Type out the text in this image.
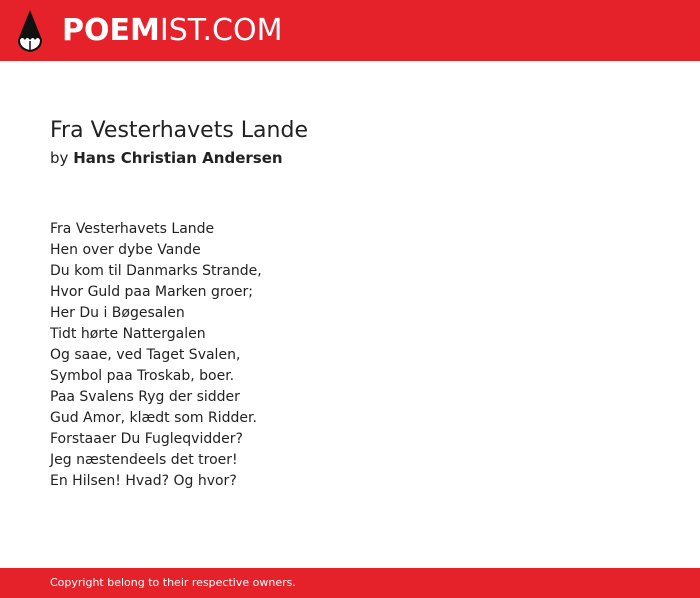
POEMIST.COM
Fra Vesterhavets Lande
by Hans Christian Andersen
Fra Vesterhavets Lande
Hen over dybe Vande
Du kom til Danmarks Strande,
Hvor Guld paa Marken groer;
Her Du i Bøgesalen
Tidt hørte Nattergalen
Og saae, ved Taget Svalen,
Symbol paa Troskab, boer.
Paa Svalens Ryg der sidder
Gud Amor, klædt som Ridder.
Forstaaer Du Fugleqvidder?
Jeg næstendeels det troer!
En Hilsen! Hvad? Og hvor?
Copyright belong to their respective owners.
